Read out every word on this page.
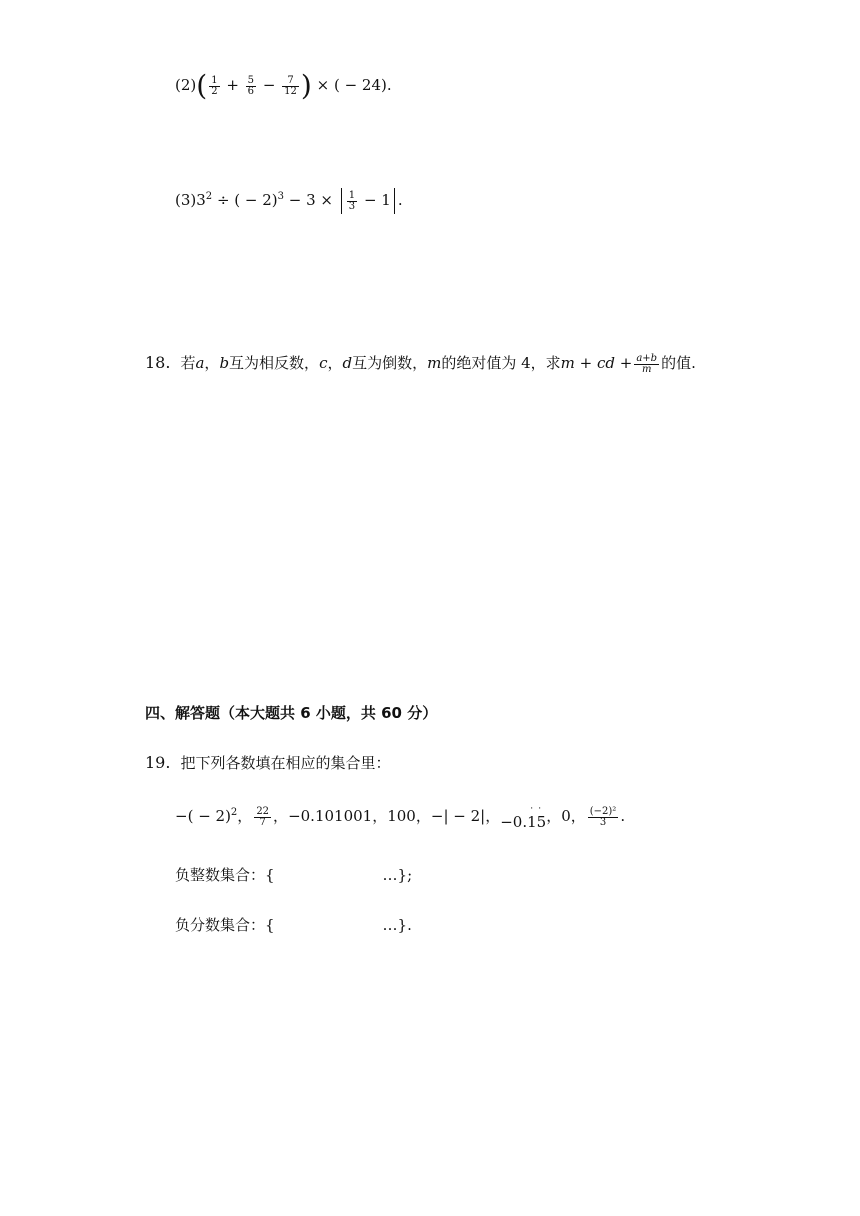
$(2)( \frac{1}{2} + \frac{5}{6} - \frac{7}{12}$ ) × ( − 24).
$(3)3^2$ ÷ ( − $2)^3 - 3 \times \frac{1}{3} - 1$ .
18. 若a，b互为相反数，c，d互为倒数，m的绝对值为 4，求m + cd + $\frac{a+b}{m}$ 的值.
四、解答题（本大题共 6 小题，共 60 分）
19. 把下列各数填在相应的集合里：
−( − 2)$^2$， $\frac{22}{7}$ ，−0.101001，100，−| − 2|，	· ·
−0.15，0， $\frac{\text{(−2)²}}{3}$ .
负整数集合：{	…};
负分数集合：{	…}.
